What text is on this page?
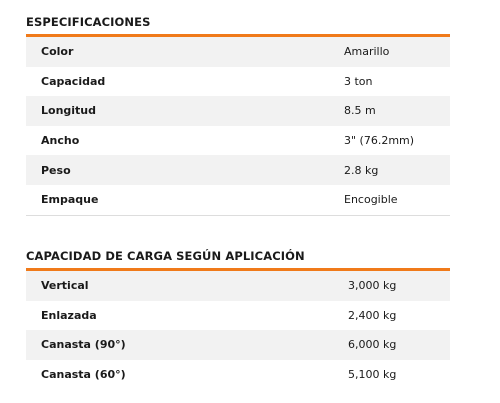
ESPECIFICACIONES
Color	Amarillo
Capacidad	3 ton
Longitud	8.5 m
Ancho	3" (76.2mm)
Peso	2.8 kg
Empaque	Encogible
CAPACIDAD DE CARGA SEGÚN APLICACIÓN
Vertical	3,000 kg
Enlazada	2,400 kg
Canasta (90°)	6,000 kg
Canasta (60°)	5,100 kg
